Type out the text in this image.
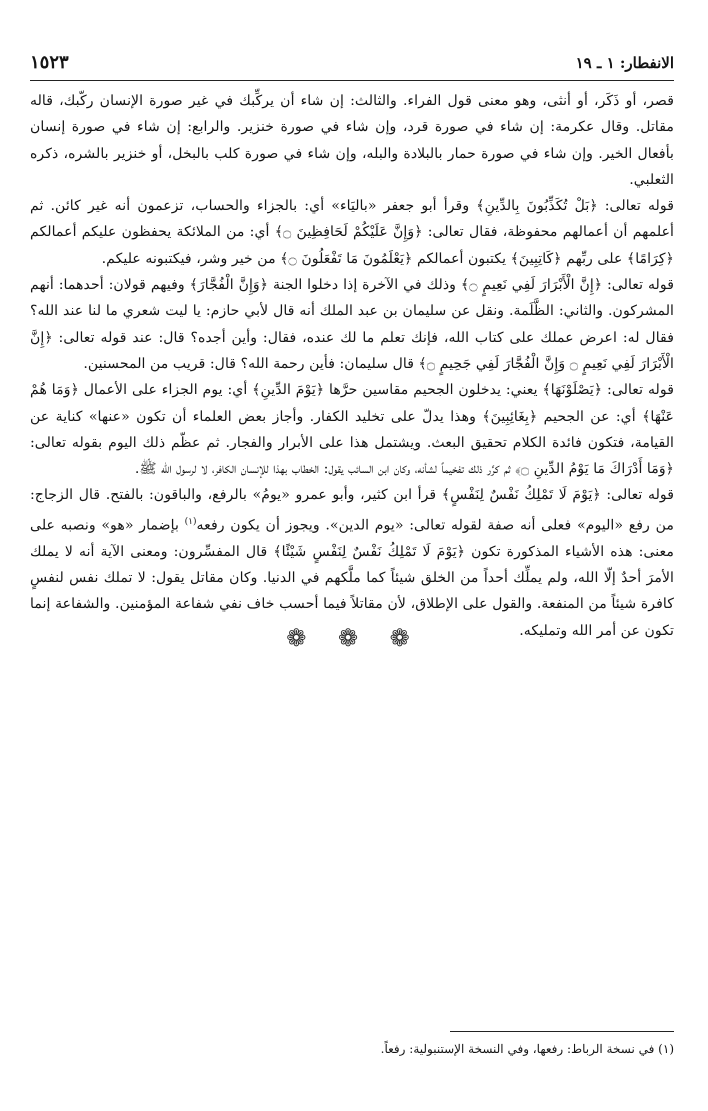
الانفطار: ١ ـ ١٩
١٥٢٣

قصر، أو ذَكَر، أو أنثى، وهو معنى قول الفراء. والثالث: إن شاء أن يركِّبك في غير صورة الإنسان ركّبك، قاله مقاتل. وقال عكرمة: إن شاء في صورة قرد، وإن شاء في صورة خنزير. والرابع: إن شاء في صورة إنسان بأفعال الخير. وإن شاء في صورة حمار بالبلادة والبله، وإن شاء في صورة كلب بالبخل، أو خنزير بالشره، ذكره الثعلبي.

قوله تعالى: ﴿بَلْ تُكَذِّبُونَ بِالدِّينِ﴾ وقرأ أبو جعفر «باليَاء» أي: بالجزاء والحساب، تزعمون أنه غير كائن. ثم أعلمهم أن أعمالهم محفوظة، فقال تعالى: ﴿وَإِنَّ عَلَيْكُمْ لَحَافِظِينَ ۝﴾ أي: من الملائكة يحفظون عليكم أعمالكم ﴿كِرَامًا﴾ على ربِّهم ﴿كَاتِبِينَ﴾ يكتبون أعمالكم ﴿يَعْلَمُونَ مَا تَفْعَلُونَ ۝﴾ من خير وشر، فيكتبونه عليكم.

قوله تعالى: ﴿إِنَّ الْأَبْرَارَ لَفِي نَعِيمٍ ۝﴾ وذلك في الآخرة إذا دخلوا الجنة ﴿وَإِنَّ الْفُجَّارَ﴾ وفيهم قولان: أحدهما: أنهم المشركون. والثاني: الظَّلَمة. ونقل عن سليمان بن عبد الملك أنه قال لأبي حازم: يا ليت شعري ما لنا عند الله؟ فقال له: اعرض عملك على كتاب الله، فإنك تعلم ما لك عنده، فقال: وأين أجده؟ قال: عند قوله تعالى: ﴿إِنَّ الْأَبْرَارَ لَفِي نَعِيمٍ ۝ وَإِنَّ الْفُجَّارَ لَفِي جَحِيمٍ ۝﴾ قال سليمان: فأين رحمة الله؟ قال: قريب من المحسنين.

قوله تعالى: ﴿يَصْلَوْنَهَا﴾ يعني: يدخلون الجحيم مقاسين حرَّها ﴿يَوْمَ الدِّينِ﴾ أي: يوم الجزاء على الأعمال ﴿وَمَا هُمْ عَنْهَا﴾ أي: عن الجحيم ﴿بِغَائِبِينَ﴾ وهذا يدلّ على تخليد الكفار. وأجاز بعض العلماء أن تكون «عنها» كناية عن القيامة، فتكون فائدة الكلام تحقيق البعث. ويشتمل هذا على الأبرار والفجار. ثم عظّم ذلك اليوم بقوله تعالى: ﴿وَمَا أَدْرَاكَ مَا يَوْمُ الدِّينِ ۝﴾ ثم كرَّر ذلك تفخيماً لشأنه، وكان ابن السائب يقول: الخطاب بهذا للإنسان الكافر، لا لرسول الله ﷺ.

قوله تعالى: ﴿يَوْمَ لَا تَمْلِكُ نَفْسٌ لِنَفْسٍ﴾ قرأ ابن كثير، وأبو عمرو «يومُ» بالرفع، والباقون: بالفتح. قال الزجاج: من رفع «اليوم» فعلى أنه صفة لقوله تعالى: «يوم الدين». ويجوز أن يكون رفعه$^{(١)}$ بإضمار «هو» ونصبه على معنى: هذه الأشياء المذكورة تكون ﴿يَوْمَ لَا تَمْلِكُ نَفْسٌ لِنَفْسٍ شَيْئًا﴾ قال المفسِّرون: ومعنى الآية أنه لا يملك الأمرَ أحدٌ إلّا الله، ولم يملِّك أحداً من الخلق شيئاً كما ملَّكهم في الدنيا. وكان مقاتل يقول: لا تملك نفس لنفسٍ كافرة شيئاً من المنفعة. والقول على الإطلاق، لأن مقاتلاً فيما أحسب خاف نفي شفاعة المؤمنين. والشفاعة إنما تكون عن أمر الله وتمليكه.

❁ ❁ ❁
(١) في نسخة الرباط: رفعها، وفي النسخة الإستنبولية: رفعاً.
